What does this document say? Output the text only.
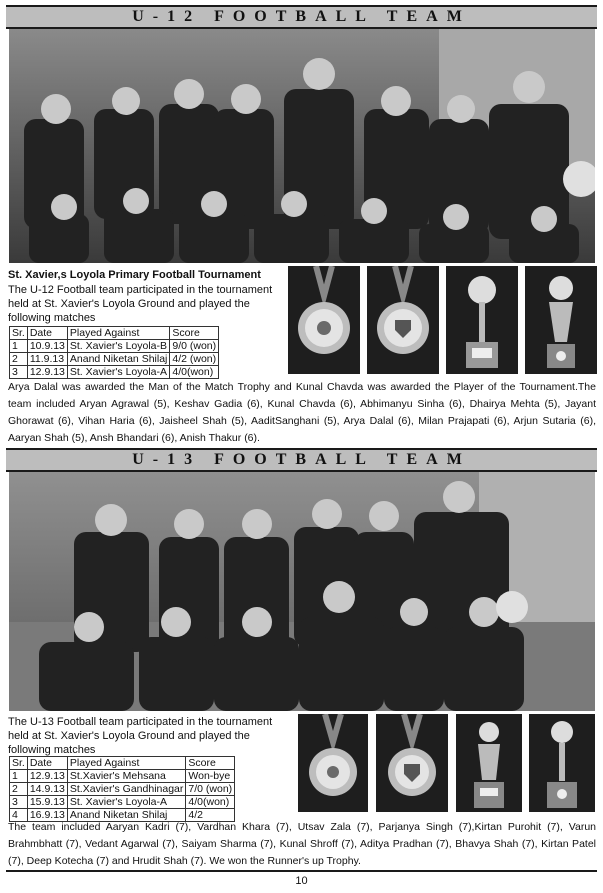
U-12 FOOTBALL TEAM
St. Xavier,s Loyola Primary Football Tournament
The U-12 Football team participated in the tournament held at St. Xavier's Loyola Ground and played the following matches
Sr.	Date	Played Against	Score
1	10.9.13	St. Xavier's Loyola-B	9/0 (won)
2	11.9.13	Anand Niketan Shilaj	4/2 (won)
3	12.9.13	St. Xavier's Loyola-A	4/0(won)
Arya Dalal was awarded the Man of the Match Trophy and Kunal Chavda was awarded the Player of the Tournament.The team included Aryan Agrawal (5), Keshav Gadia (6), Kunal Chavda (6), Abhimanyu Sinha (6), Dhairya Mehta (5), Jayant Ghorawat (6), Vihan Haria (6), Jaisheel Shah (5), AaditSanghani (5), Arya Dalal (6), Milan Prajapati (6), Arjun Sutaria (6), Aaryan Shah (5), Ansh Bhandari (6), Anish Thakur (6).
U-13 FOOTBALL TEAM
The U-13 Football team participated in the tournament held at St. Xavier's Loyola Ground and played the following matches
Sr.	Date	Played Against	Score
1	12.9.13	St.Xavier's Mehsana	Won-bye
2	14.9.13	St.Xavier's Gandhinagar	7/0 (won)
3	15.9.13	St. Xavier's Loyola-A	4/0(won)
4	16.9.13	Anand Niketan Shilaj	4/2
The team included Aaryan Kadri (7), Vardhan Khara (7), Utsav Zala (7), Parjanya Singh (7),Kirtan Purohit (7), Varun Brahmbhatt (7), Vedant Agarwal (7), Saiyam Sharma (7), Kunal Shroff (7), Aditya Pradhan (7), Bhavya Shah (7), Kirtan Patel (7), Deep Kotecha (7) and Hrudit Shah (7). We won the Runner's up Trophy.
10
